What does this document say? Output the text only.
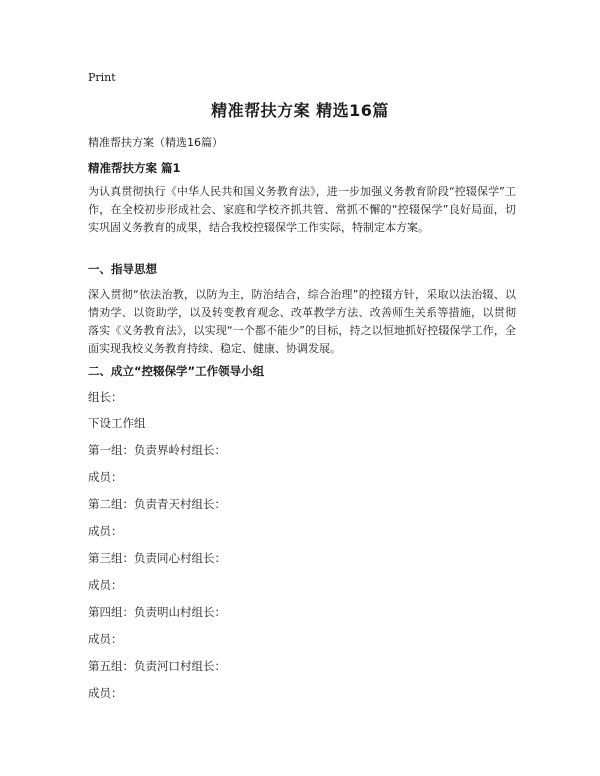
Print
精准帮扶方案 精选16篇
精准帮扶方案（精选16篇）
精准帮扶方案 篇1
为认真贯彻执行《中华人民共和国义务教育法》，进一步加强义务教育阶段“控辍保学”工作，在全校初步形成社会、家庭和学校齐抓共管、常抓不懈的“控辍保学”良好局面，切实巩固义务教育的成果，结合我校控辍保学工作实际，特制定本方案。
一、指导思想
深入贯彻“依法治教，以防为主，防治结合，综合治理”的控辍方针，采取以法治辍、以情劝学、以资助学，以及转变教育观念、改革教学方法、改善师生关系等措施，以贯彻落实《义务教育法》，以实现“一个都不能少”的目标，持之以恒地抓好控辍保学工作，全面实现我校义务教育持续、稳定、健康、协调发展。
二、成立“控辍保学”工作领导小组
组长：
下设工作组
第一组：负责界岭村组长：
成员：
第二组：负责青天村组长：
成员：
第三组：负责同心村组长：
成员：
第四组：负责明山村组长：
成员：
第五组：负责河口村组长：
成员：
